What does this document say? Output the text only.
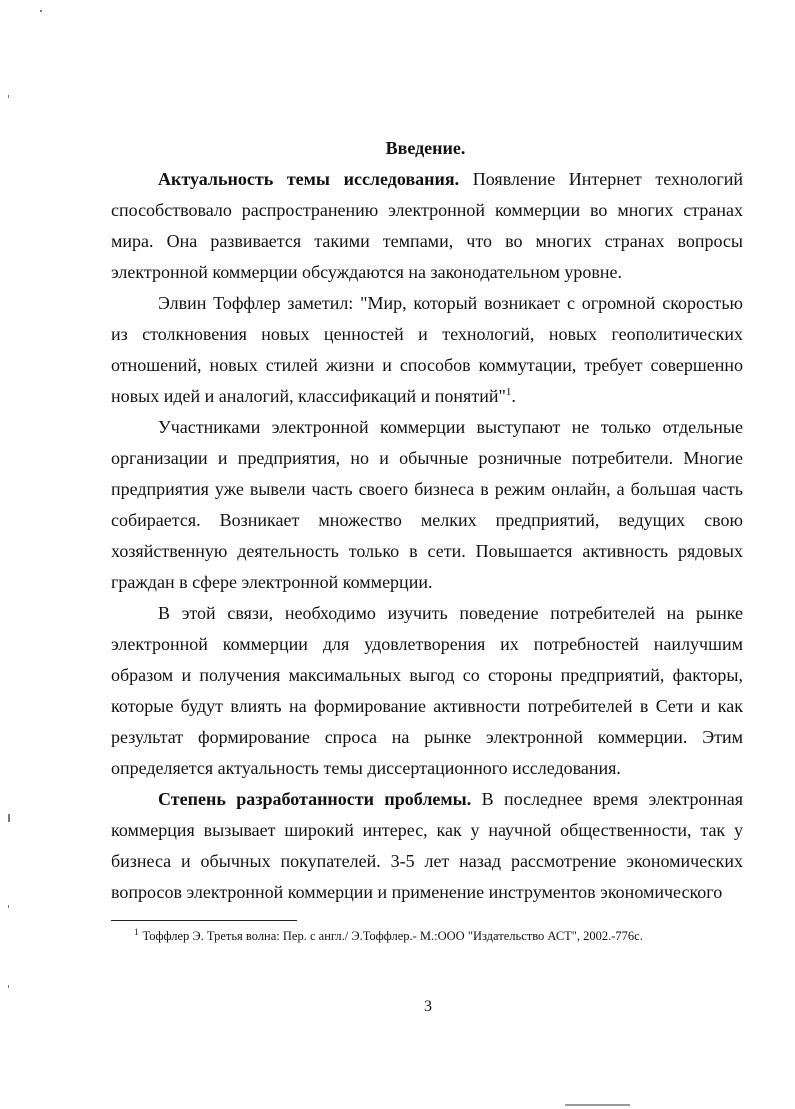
Введение.

Актуальность темы исследования. Появление Интернет технологий способствовало распространению электронной коммерции во многих странах мира. Она развивается такими темпами, что во многих странах вопросы электронной коммерции обсуждаются на законодательном уровне.

Элвин Тоффлер заметил: "Мир, который возникает с огромной скоростью из столкновения новых ценностей и технологий, новых геополитических отношений, новых стилей жизни и способов коммутации, требует совершенно новых идей и аналогий, классификаций и понятий"$^1$.

Участниками электронной коммерции выступают не только отдельные организации и предприятия, но и обычные розничные потребители. Многие предприятия уже вывели часть своего бизнеса в режим онлайн, а большая часть собирается. Возникает множество мелких предприятий, ведущих свою хозяйственную деятельность только в сети. Повышается активность рядовых граждан в сфере электронной коммерции.

В этой связи, необходимо изучить поведение потребителей на рынке электронной коммерции для удовлетворения их потребностей наилучшим образом и получения максимальных выгод со стороны предприятий, факторы, которые будут влиять на формирование активности потребителей в Сети и как результат формирование спроса на рынке электронной коммерции. Этим определяется актуальность темы диссертационного исследования.

Степень разработанности проблемы. В последнее время электронная коммерция вызывает широкий интерес, как у научной общественности, так у бизнеса и обычных покупателей. 3-5 лет назад рассмотрение экономических вопросов электронной коммерции и применение инструментов экономического

$^1$ Тоффлер Э. Третья волна: Пер. с англ./ Э.Тоффлер.- М.:ООО "Издательство АСТ", 2002.-776с.
3
